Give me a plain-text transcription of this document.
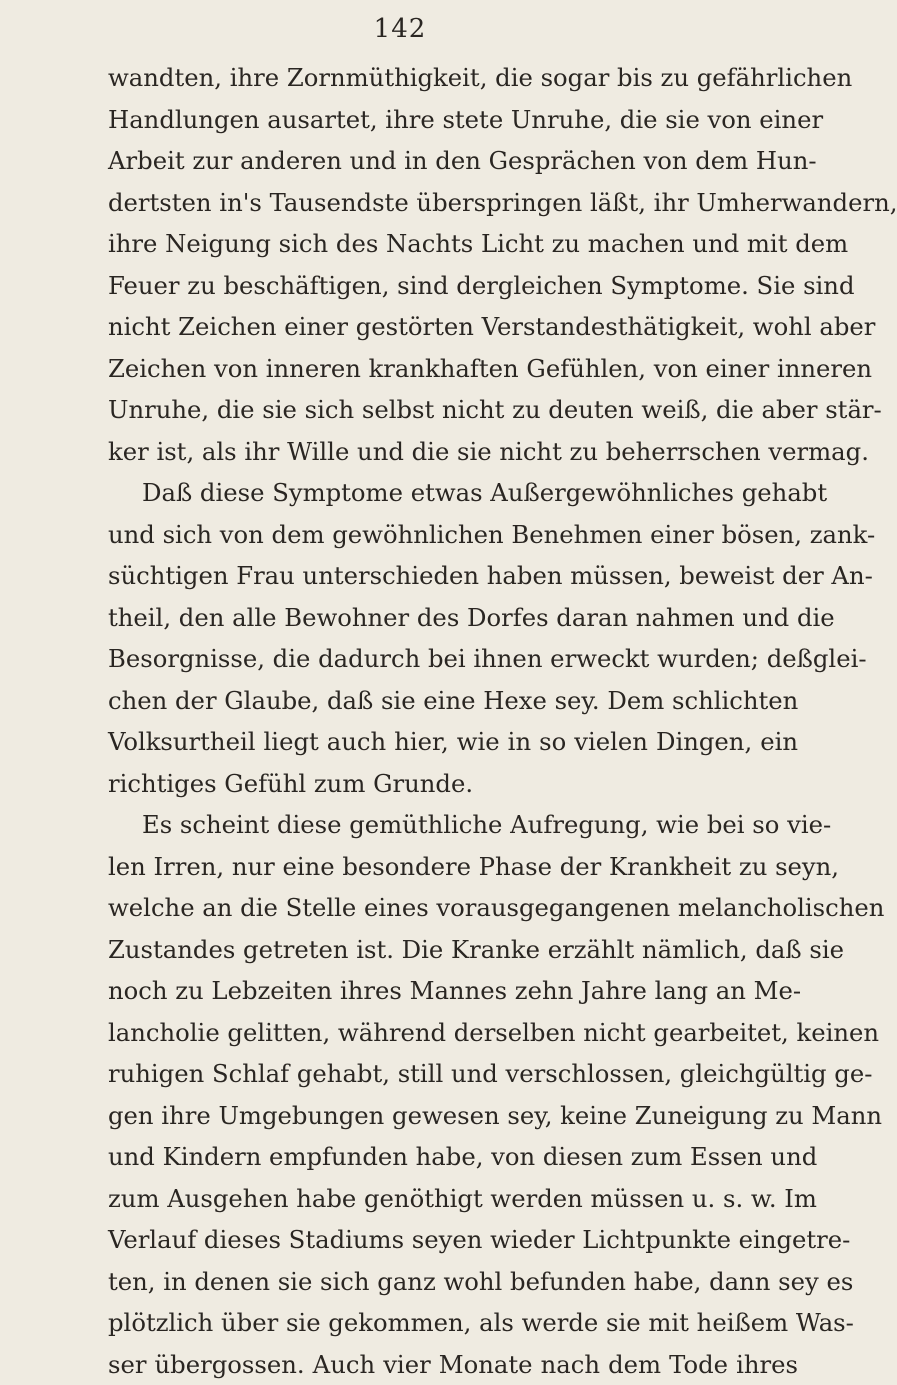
142
wandten, ihre Zornmüthigkeit, die sogar bis zu gefährlichen
Handlungen ausartet, ihre stete Unruhe, die sie von einer
Arbeit zur anderen und in den Gesprächen von dem Hun-
dertsten in's Tausendste überspringen läßt, ihr Umherwandern,
ihre Neigung sich des Nachts Licht zu machen und mit dem
Feuer zu beschäftigen, sind dergleichen Symptome. Sie sind
nicht Zeichen einer gestörten Verstandesthätigkeit, wohl aber
Zeichen von inneren krankhaften Gefühlen, von einer inneren
Unruhe, die sie sich selbst nicht zu deuten weiß, die aber stär-
ker ist, als ihr Wille und die sie nicht zu beherrschen vermag.
Daß diese Symptome etwas Außergewöhnliches gehabt
und sich von dem gewöhnlichen Benehmen einer bösen, zank-
süchtigen Frau unterschieden haben müssen, beweist der An-
theil, den alle Bewohner des Dorfes daran nahmen und die
Besorgnisse, die dadurch bei ihnen erweckt wurden; deßglei-
chen der Glaube, daß sie eine Hexe sey. Dem schlichten
Volksurtheil liegt auch hier, wie in so vielen Dingen, ein
richtiges Gefühl zum Grunde.
Es scheint diese gemüthliche Aufregung, wie bei so vie-
len Irren, nur eine besondere Phase der Krankheit zu seyn,
welche an die Stelle eines vorausgegangenen melancholischen
Zustandes getreten ist. Die Kranke erzählt nämlich, daß sie
noch zu Lebzeiten ihres Mannes zehn Jahre lang an Me-
lancholie gelitten, während derselben nicht gearbeitet, keinen
ruhigen Schlaf gehabt, still und verschlossen, gleichgültig ge-
gen ihre Umgebungen gewesen sey, keine Zuneigung zu Mann
und Kindern empfunden habe, von diesen zum Essen und
zum Ausgehen habe genöthigt werden müssen u. s. w. Im
Verlauf dieses Stadiums seyen wieder Lichtpunkte eingetre-
ten, in denen sie sich ganz wohl befunden habe, dann sey es
plötzlich über sie gekommen, als werde sie mit heißem Was-
ser übergossen. Auch vier Monate nach dem Tode ihres
